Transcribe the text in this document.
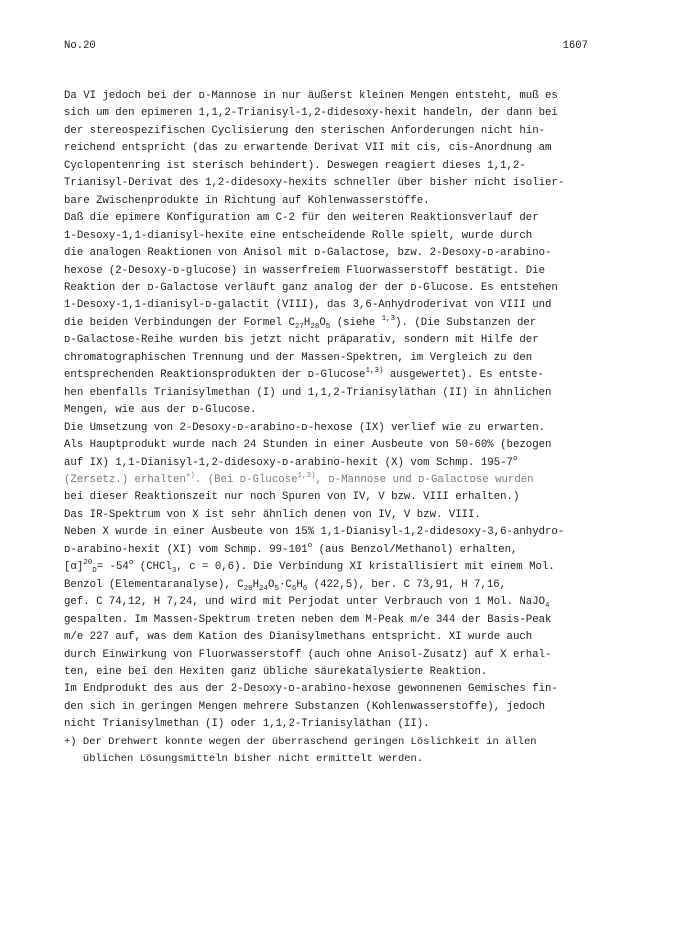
No.20	1607
Da VI jedoch bei der ᴅ-Mannose in nur äußerst kleinen Mengen entsteht, muß es
sich um den epimeren 1,1,2-Trianisyl-1,2-didesoxy-hexit handeln, der dann bei
der stereospezifischen Cyclisierung den sterischen Anforderungen nicht hin-
reichend entspricht (das zu erwartende Derivat VII mit cis, cis-Anordnung am
Cyclopentenring ist sterisch behindert). Deswegen reagiert dieses 1,1,2-
Trianisyl-Derivat des 1,2-didesoxy-hexits schneller über bisher nicht isolier-
bare Zwischenprodukte in Richtung auf Kohlenwasserstoffe.
Daß die epimere Konfiguration am C-2 für den weiteren Reaktionsverlauf der
1-Desoxy-1,1-dianisyl-hexite eine entscheidende Rolle spielt, wurde durch
die analogen Reaktionen von Anisol mit ᴅ-Galactose, bzw. 2-Desoxy-ᴅ-arabino-
hexose (2-Desoxy-ᴅ-glucose) in wasserfreiem Fluorwasserstoff bestätigt. Die
Reaktion der ᴅ-Galactose verläuft ganz analog der der ᴅ-Glucose. Es entstehen
1-Desoxy-1,1-dianisyl-ᴅ-galactit (VIII), das 3,6-Anhydroderivat von VIII und
die beiden Verbindungen der Formel $C_{27}H_{28}O_5$ (siehe $^{1,3}$). (Die Substanzen der
ᴅ-Galactose-Reihe wurden bis jetzt nicht präparativ, sondern mit Hilfe der
chromatographischen Trennung und der Massen-Spektren, im Vergleich zu den
entsprechenden Reaktionsprodukten der ᴅ-Glucose$^{1,3)}$ ausgewertet). Es entste-
hen ebenfalls Trianisylmethan (I) und 1,1,2-Trianisyläthan (II) in ähnlichen
Mengen, wie aus der ᴅ-Glucose.
Die Umsetzung von 2-Desoxy-ᴅ-arabino-ᴅ-hexose (IX) verlief wie zu erwarten.
Als Hauptprodukt wurde nach 24 Stunden in einer Ausbeute von 50-60% (bezogen
auf IX) 1,1-Dianisyl-1,2-didesoxy-ᴅ-arabino-hexit (X) vom Schmp. 195-7$^o$
(Zersetz.) erhalten+). (Bei ᴅ-Glucose$^{1,3)}$, ᴅ-Mannose und ᴅ-Galactose wurden
bei dieser Reaktionszeit nur noch Spuren von IV, V bzw. VIII erhalten.)
Das IR-Spektrum von X ist sehr ähnlich denen von IV, V bzw. VIII.
Neben X wurde in einer Ausbeute von 15% 1,1-Dianisyl-1,2-didesoxy-3,6-anhydro-
ᴅ-arabino-hexit (XI) vom Schmp. 99-101$^o$ (aus Benzol/Methanol) erhalten,
$[\alpha]^{20}_D= -54^o$ (CHCl$_3$, c = 0,6). Die Verbindung XI kristallisiert mit einem Mol.
Benzol (Elementaranalyse), $C_{20}H_{24}O_5\cdot C_6H_6$ (422,5), ber. C 73,91, H 7,16,
gef. C 74,12, H 7,24, und wird mit Perjodat unter Verbrauch von 1 Mol. NaJO$_4$
gespalten. Im Massen-Spektrum treten neben dem M-Peak m/e 344 der Basis-Peak
m/e 227 auf, was dem Kation des Dianisylmethans entspricht. XI wurde auch
durch Einwirkung von Fluorwasserstoff (auch ohne Anisol-Zusatz) auf X erhal-
ten, eine bei den Hexiten ganz übliche säurekatalysierte Reaktion.
Im Endprodukt des aus der 2-Desoxy-ᴅ-arabino-hexose gewonnenen Gemisches fin-
den sich in geringen Mengen mehrere Substanzen (Kohlenwasserstoffe), jedoch
nicht Trianisylmethan (I) oder 1,1,2-Trianisyläthan (II).
+) Der Drehwert konnte wegen der überraschend geringen Löslichkeit in allen
üblichen Lösungsmitteln bisher nicht ermittelt werden.
